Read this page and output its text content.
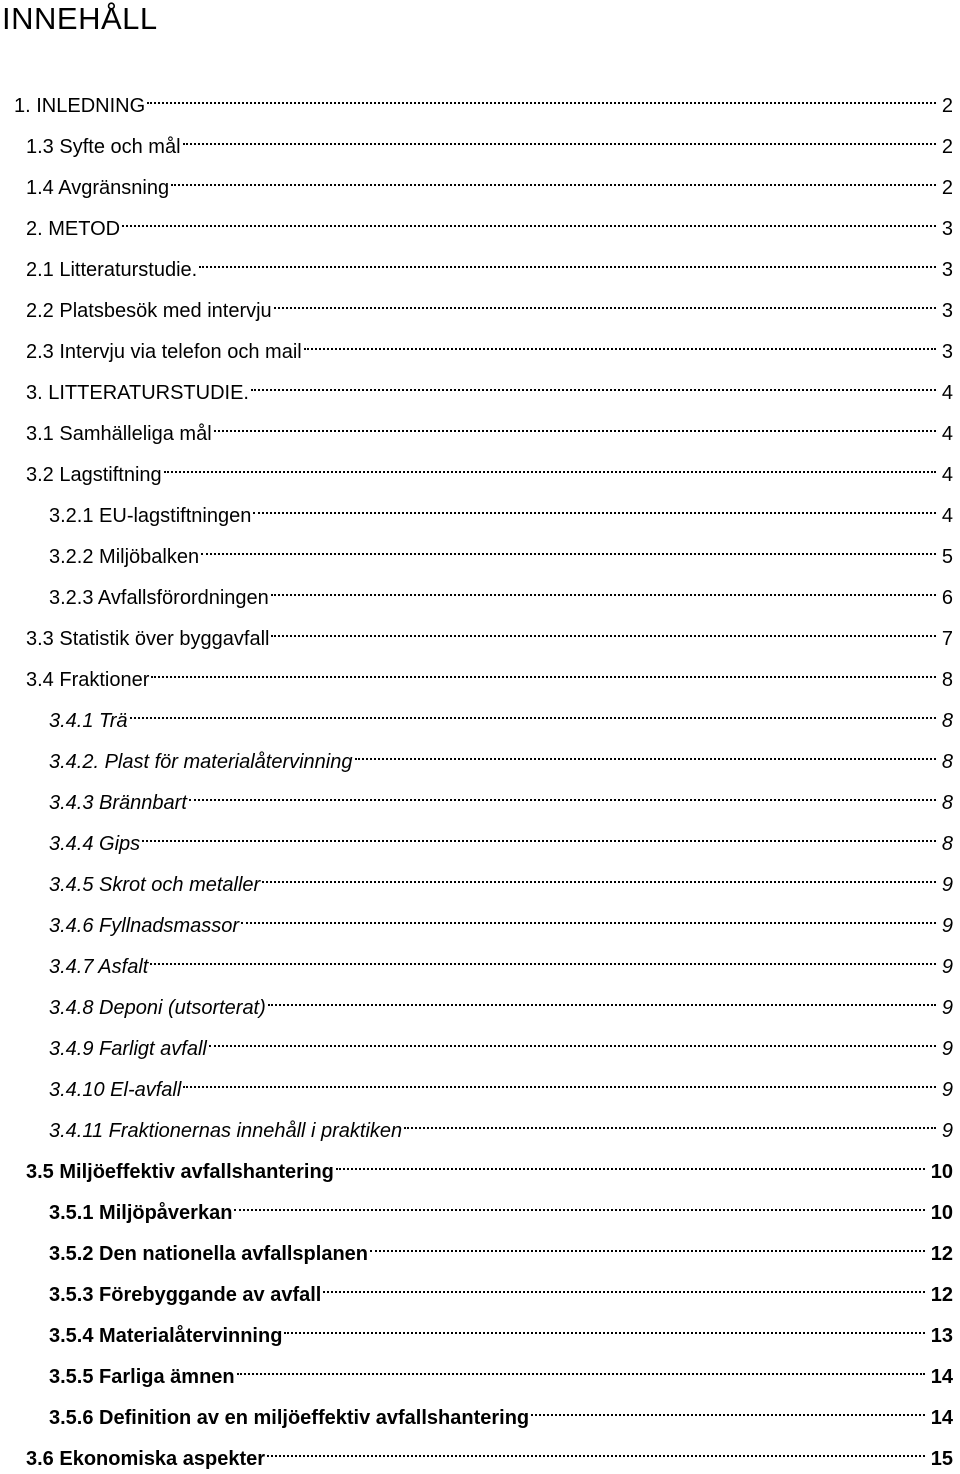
INNEHÅLL
1. INLEDNING	2
1.3 Syfte och mål	2
1.4 Avgränsning	2
2. METOD	3
2.1 Litteraturstudie.	3
2.2 Platsbesök med intervju	3
2.3 Intervju via telefon och mail	3
3. LITTERATURSTUDIE.	4
3.1 Samhälleliga mål	4
3.2 Lagstiftning	4
3.2.1 EU-lagstiftningen	4
3.2.2 Miljöbalken	5
3.2.3 Avfallsförordningen	6
3.3 Statistik över byggavfall	7
3.4 Fraktioner	8
3.4.1 Trä	8
3.4.2. Plast för materialåtervinning	8
3.4.3 Brännbart	8
3.4.4 Gips	8
3.4.5 Skrot och metaller	9
3.4.6 Fyllnadsmassor	9
3.4.7 Asfalt	9
3.4.8 Deponi (utsorterat)	9
3.4.9 Farligt avfall	9
3.4.10 El-avfall	9
3.4.11 Fraktionernas innehåll i praktiken	9
3.5 Miljöeffektiv avfallshantering	10
3.5.1 Miljöpåverkan	10
3.5.2 Den nationella avfallsplanen	12
3.5.3 Förebyggande av avfall	12
3.5.4 Materialåtervinning	13
3.5.5 Farliga ämnen	14
3.5.6 Definition av en miljöeffektiv avfallshantering	14
3.6 Ekonomiska aspekter	15
